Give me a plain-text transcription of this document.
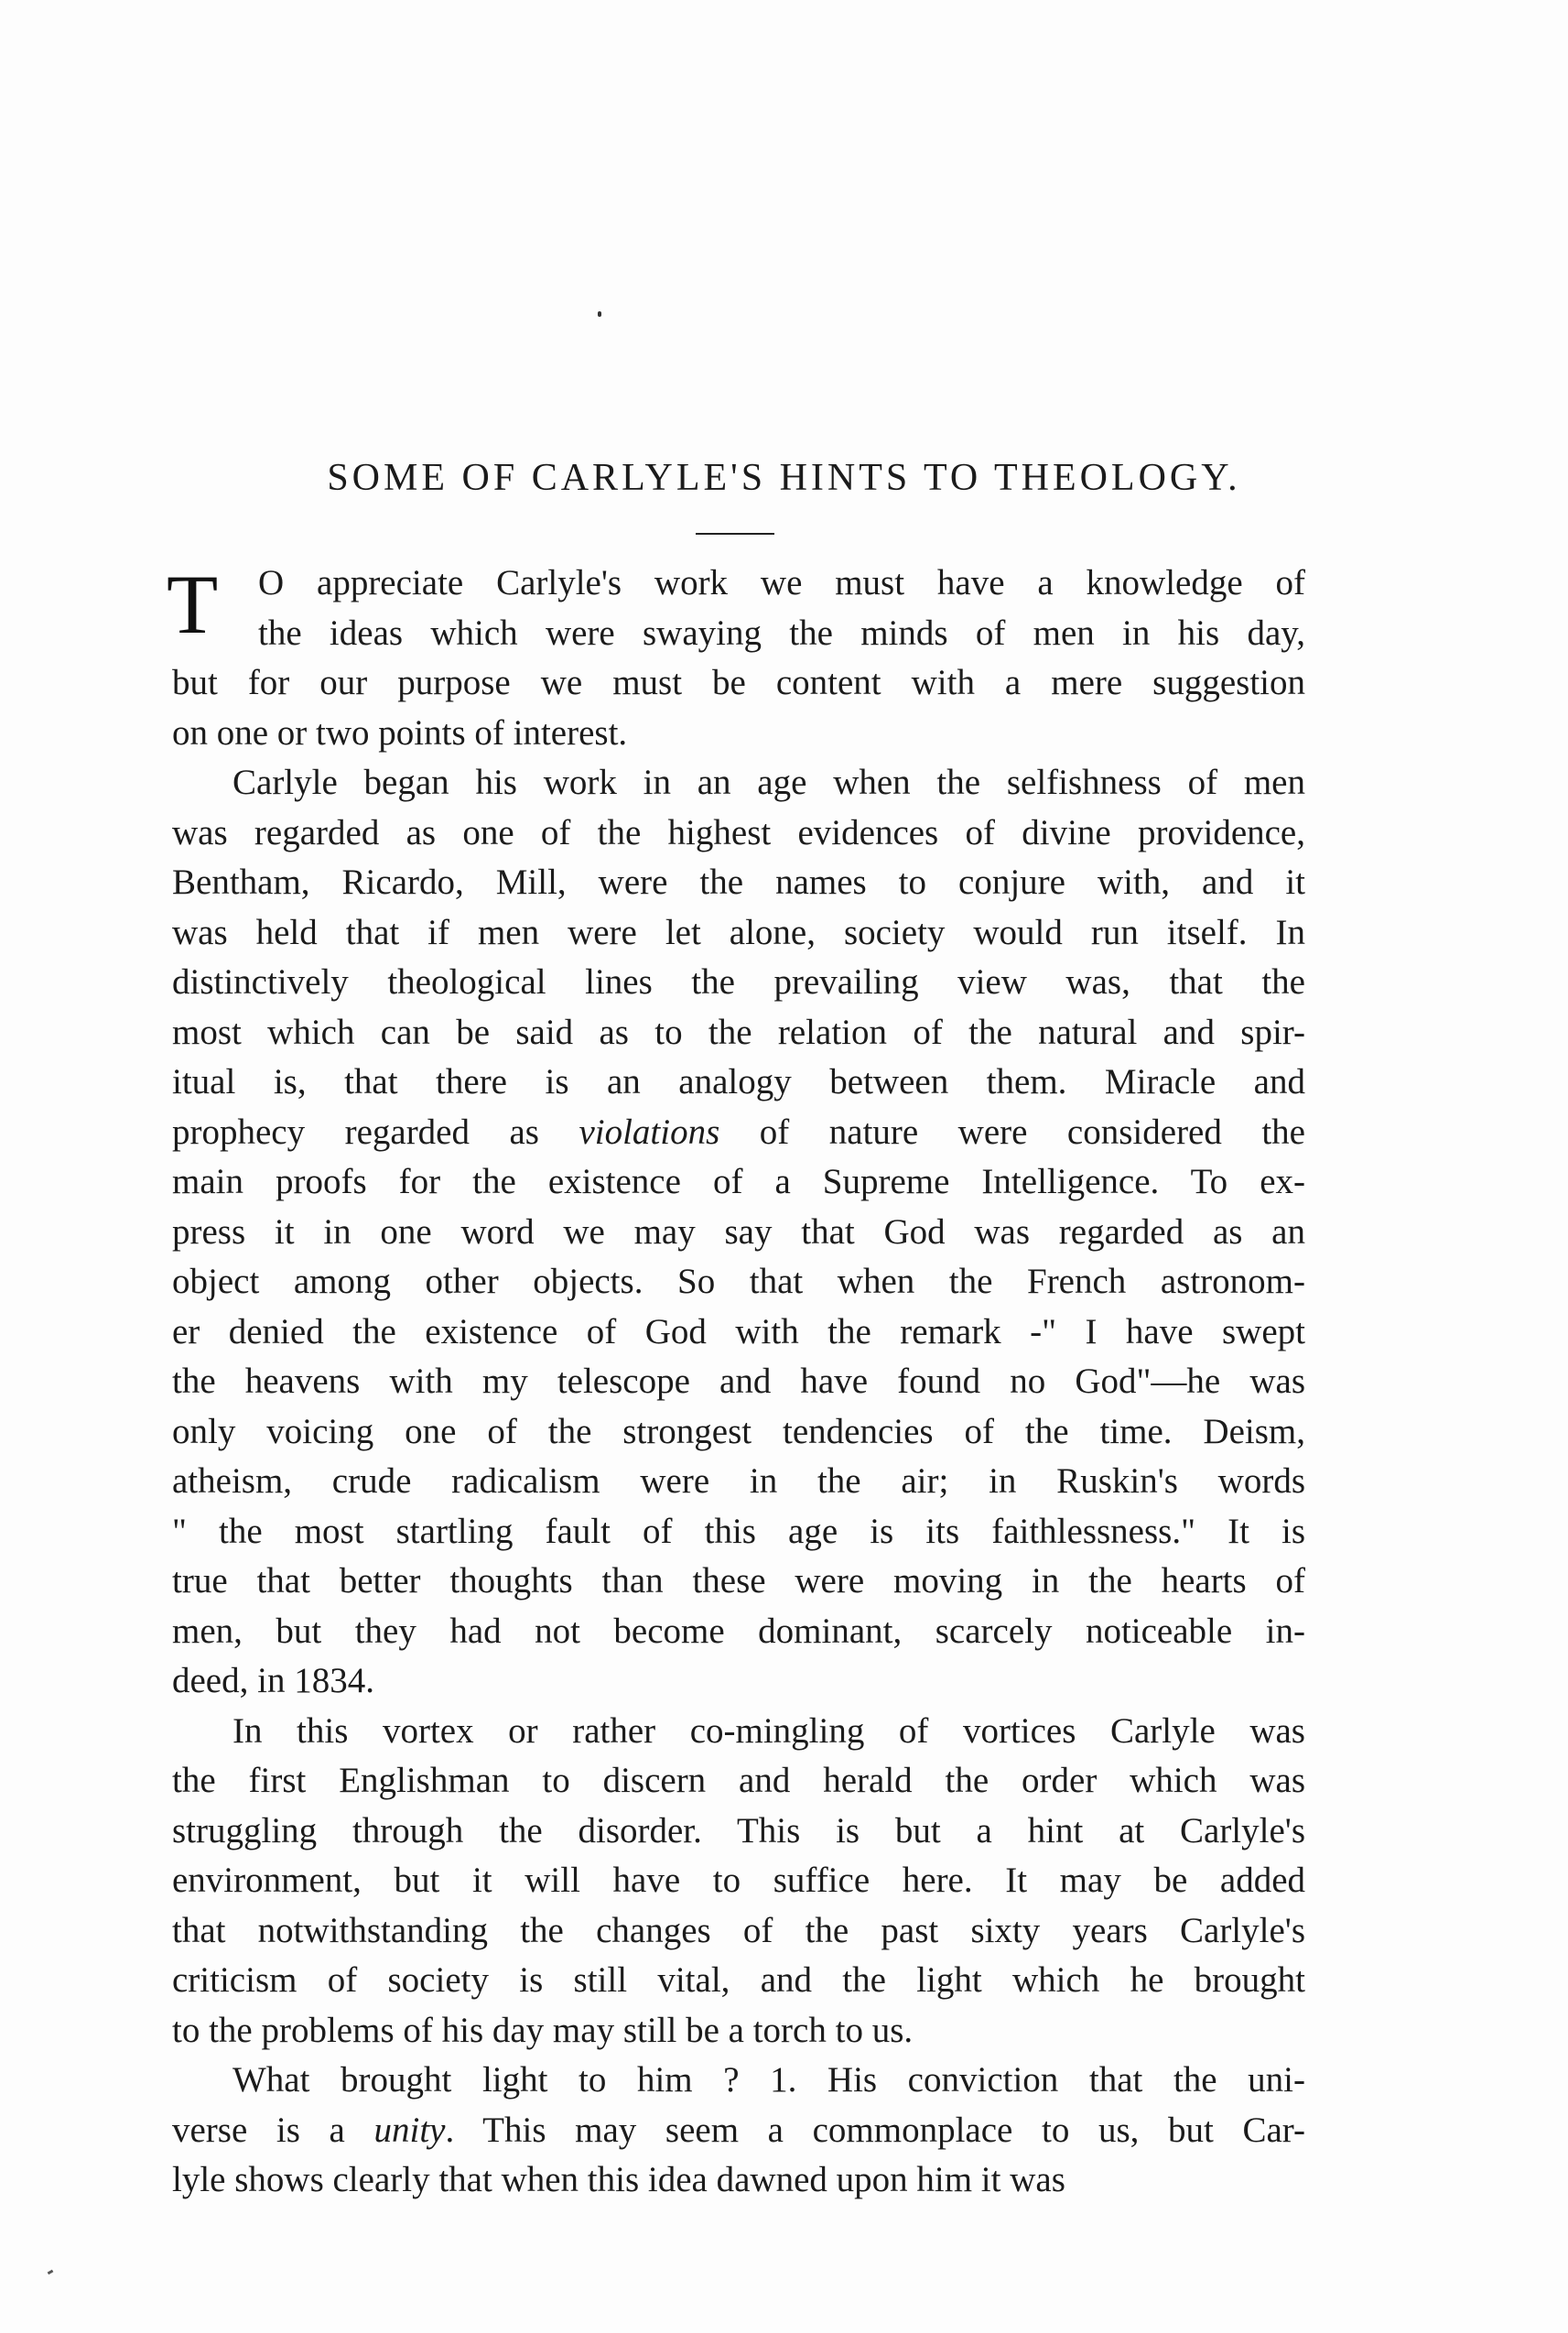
SOME OF CARLYLE'S HINTS TO THEOLOGY.

O appreciate Carlyle's work we must have a knowledge of
the ideas which were swaying the minds of men in his day,
but for our purpose we must be content with a mere suggestion
on one or two points of interest.
T

Carlyle began his work in an age when the selfishness of men
was regarded as one of the highest evidences of divine providence,
Bentham, Ricardo, Mill, were the names to conjure with, and it
was held that if men were let alone, society would run itself. In
distinctively theological lines the prevailing view was, that the
most which can be said as to the relation of the natural and spir-
itual is, that there is an analogy between them. Miracle and
prophecy regarded as violations of nature were considered the
main proofs for the existence of a Supreme Intelligence. To ex-
press it in one word we may say that God was regarded as an
object among other objects. So that when the French astronom-
er denied the existence of God with the remark -" I have swept
the heavens with my telescope and have found no God"—he was
only voicing one of the strongest tendencies of the time. Deism,
atheism, crude radicalism were in the air; in Ruskin's words
" the most startling fault of this age is its faithlessness." It is
true that better thoughts than these were moving in the hearts of
men, but they had not become dominant, scarcely noticeable in-
deed, in 1834.

In this vortex or rather co-mingling of vortices Carlyle was
the first Englishman to discern and herald the order which was
struggling through the disorder. This is but a hint at Carlyle's
environment, but it will have to suffice here. It may be added
that notwithstanding the changes of the past sixty years Carlyle's
criticism of society is still vital, and the light which he brought
to the problems of his day may still be a torch to us.

What brought light to him ? 1. His conviction that the uni-
verse is a unity. This may seem a commonplace to us, but Car-
lyle shows clearly that when this idea dawned upon him it was
